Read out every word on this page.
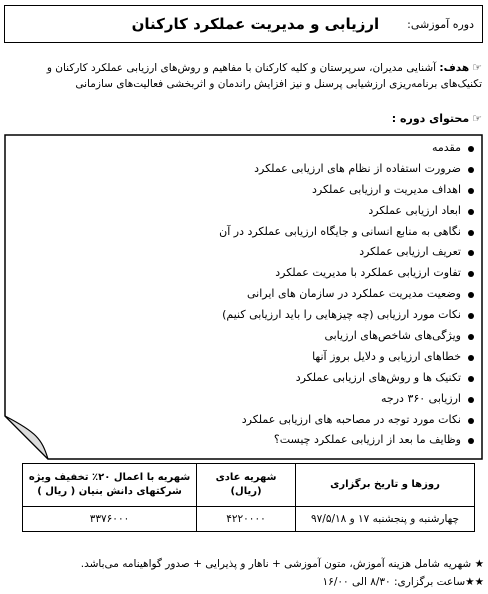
دوره آموزشی:
ارزیابی و مدیریت عملکرد کارکنان
☞هدف: آشنایی مدیران، سرپرستان و کلیه کارکنان با مفاهیم و روش‌های ارزیابی عملکرد کارکنان و تکنیک‌های برنامه‌ریزی ارزشیابی پرسنل و نیز افزایش راندمان و اثربخشی فعالیت‌های سازمانی
☞محتوای دوره :
مقدمه
ضرورت استفاده از نظام های ارزیابی عملکرد
اهداف مدیریت و ارزیابی عملکرد
ابعاد ارزیابی عملکرد
نگاهی به منابع انسانی و جایگاه ارزیابی عملکرد در آن
تعریف ارزیابی عملکرد
تفاوت ارزیابی عملکرد با مدیریت عملکرد
وضعیت مدیریت عملکرد در سازمان های ایرانی
نکات مورد ارزیابی (چه چیزهایی را باید ارزیابی کنیم)
ویژگی‌های شاخص‌های ارزیابی
خطاهای ارزیابی و دلایل بروز آنها
تکنیک ها و روش‌های ارزیابی عملکرد
ارزیابی ۳۶۰ درجه
نکات مورد توجه در مصاحبه های ارزیابی عملکرد
وظایف ما بعد از ارزیابی عملکرد چیست؟
روزها و تاریخ برگزاری	شهریه عادی (ریال)	شهریه با اعمال ۲۰٪ تخفیف ویژه شرکتهای دانش بنیان ( ریال )
چهارشنبه و پنجشنبه ۱۷ و ۹۷/۵/۱۸	۴۲۲۰۰۰۰	۳۳۷۶۰۰۰
★ شهریه شامل هزینه آموزش، متون آموزشی + ناهار و پذیرایی + صدور گواهینامه می‌باشد.
★★ساعت برگزاری: ۸/۳۰ الی ۱۶/۰۰
